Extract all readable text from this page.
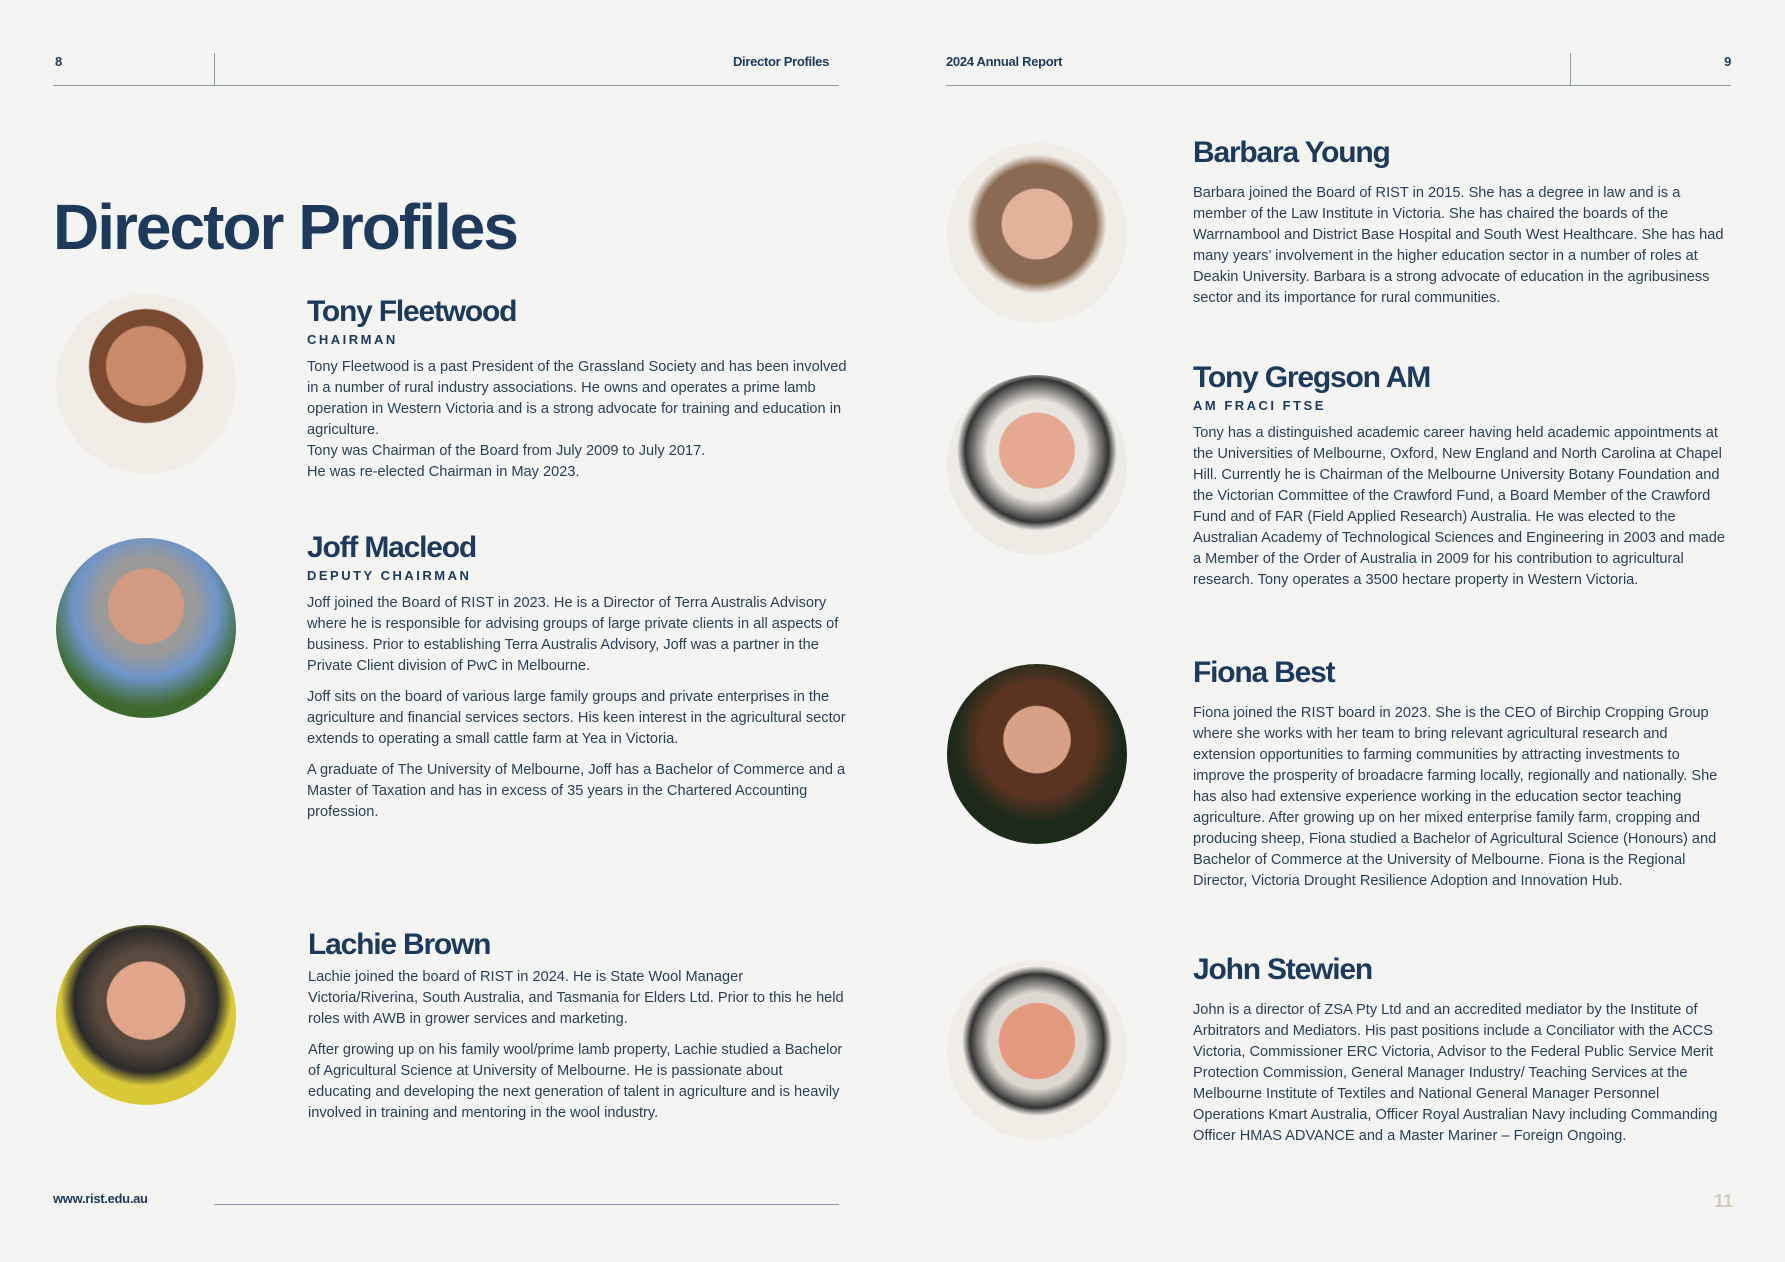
8	Director Profiles	2024 Annual Report	9
Director Profiles
Tony Fleetwood
CHAIRMAN

Tony Fleetwood is a past President of the Grassland Society and has been involved in a number of rural industry associations. He owns and operates a prime lamb operation in Western Victoria and is a strong advocate for training and education in agriculture.

Tony was Chairman of the Board from July 2009 to July 2017.

He was re-elected Chairman in May 2023.

Joff Macleod
DEPUTY CHAIRMAN

Joff joined the Board of RIST in 2023. He is a Director of Terra Australis Advisory where he is responsible for advising groups of large private clients in all aspects of business. Prior to establishing Terra Australis Advisory, Joff was a partner in the Private Client division of PwC in Melbourne.

Joff sits on the board of various large family groups and private enterprises in the agriculture and financial services sectors. His keen interest in the agricultural sector extends to operating a small cattle farm at Yea in Victoria.

A graduate of The University of Melbourne, Joff has a Bachelor of Commerce and a Master of Taxation and has in excess of 35 years in the Chartered Accounting profession.

Lachie Brown

Lachie joined the board of RIST in 2024. He is State Wool Manager Victoria/Riverina, South Australia, and Tasmania for Elders Ltd. Prior to this he held roles with AWB in grower services and marketing.

After growing up on his family wool/prime lamb property, Lachie studied a Bachelor of Agricultural Science at University of Melbourne. He is passionate about educating and developing the next generation of talent in agriculture and is heavily involved in training and mentoring in the wool industry.

Barbara Young

Barbara joined the Board of RIST in 2015. She has a degree in law and is a member of the Law Institute in Victoria. She has chaired the boards of the Warrnambool and District Base Hospital and South West Healthcare. She has had many years’ involvement in the higher education sector in a number of roles at Deakin University. Barbara is a strong advocate of education in the agribusiness sector and its importance for rural communities.

Tony Gregson AM
AM FRACI FTSE

Tony has a distinguished academic career having held academic appointments at the Universities of Melbourne, Oxford, New England and North Carolina at Chapel Hill. Currently he is Chairman of the Melbourne University Botany Foundation and the Victorian Committee of the Crawford Fund, a Board Member of the Crawford Fund and of FAR (Field Applied Research) Australia. He was elected to the Australian Academy of Technological Sciences and Engineering in 2003 and made a Member of the Order of Australia in 2009 for his contribution to agricultural research. Tony operates a 3500 hectare property in Western Victoria.

Fiona Best

Fiona joined the RIST board in 2023. She is the CEO of Birchip Cropping Group where she works with her team to bring relevant agricultural research and extension opportunities to farming communities by attracting investments to improve the prosperity of broadacre farming locally, regionally and nationally. She has also had extensive experience working in the education sector teaching agriculture. After growing up on her mixed enterprise family farm, cropping and producing sheep, Fiona studied a Bachelor of Agricultural Science (Honours) and Bachelor of Commerce at the University of Melbourne. Fiona is the Regional Director, Victoria Drought Resilience Adoption and Innovation Hub.

John Stewien

John is a director of ZSA Pty Ltd and an accredited mediator by the Institute of Arbitrators and Mediators. His past positions include a Conciliator with the ACCS Victoria, Commissioner ERC Victoria, Advisor to the Federal Public Service Merit Protection Commission, General Manager Industry/ Teaching Services at the Melbourne Institute of Textiles and National General Manager Personnel Operations Kmart Australia, Officer Royal Australian Navy including Commanding Officer HMAS ADVANCE and a Master Mariner – Foreign Ongoing.

www.rist.edu.au	11
